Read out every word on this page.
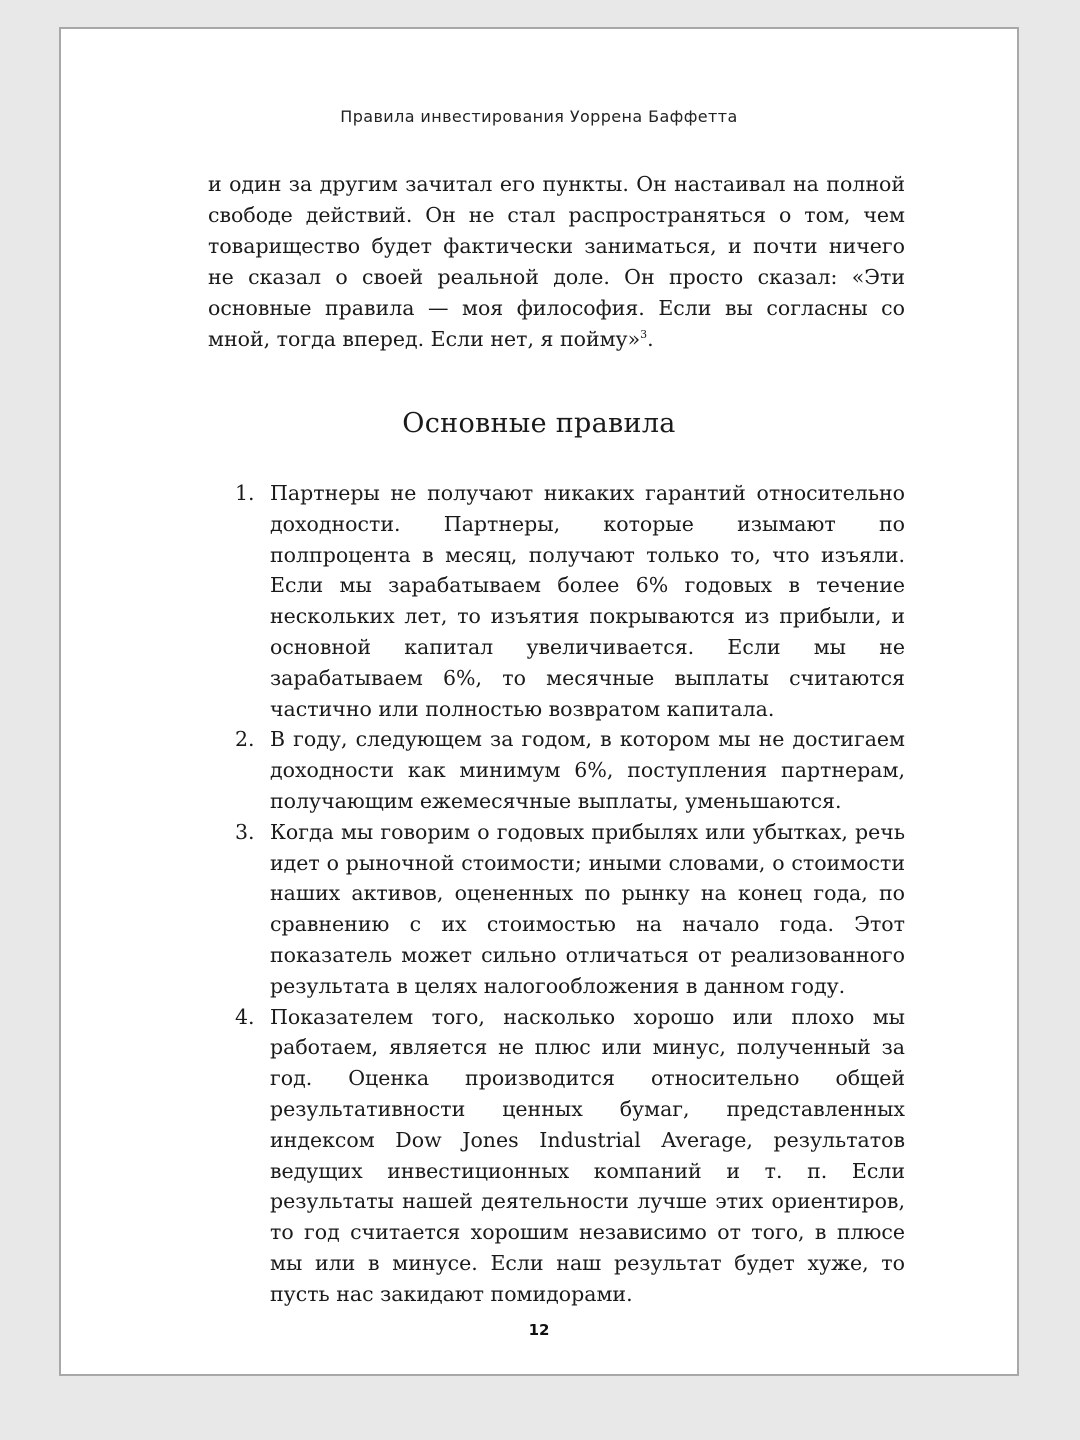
Правила инвестирования Уоррена Баффетта

и один за другим зачитал его пункты. Он настаивал на полной свободе действий. Он не стал распространяться о том, чем товарищество будет фактически заниматься, и почти ничего не сказал о своей реальной доле. Он просто сказал: «Эти основные правила — моя философия. Если вы согласны со мной, тогда вперед. Если нет, я пойму»$^3$.

Основные правила
1. Партнеры не получают никаких гарантий относительно доходности. Партнеры, которые изымают по полпроцента в месяц, получают только то, что изъяли. Если мы зарабатываем более 6% годовых в течение нескольких лет, то изъятия покрываются из прибыли, и основной капитал увеличивается. Если мы не зарабатываем 6%, то месячные выплаты считаются частично или полностью возвратом капитала.
2. В году, следующем за годом, в котором мы не достигаем доходности как минимум 6%, поступления партнерам, получающим ежемесячные выплаты, уменьшаются.
3. Когда мы говорим о годовых прибылях или убытках, речь идет о рыночной стоимости; иными словами, о стоимости наших активов, оцененных по рынку на конец года, по сравнению с их стоимостью на начало года. Этот показатель может сильно отличаться от реализованного результата в целях налогообложения в данном году.
4. Показателем того, насколько хорошо или плохо мы работаем, является не плюс или минус, полученный за год. Оценка производится относительно общей результативности ценных бумаг, представленных индексом Dow Jones Industrial Average, результатов ведущих инвестиционных компаний и т. п. Если результаты нашей деятельности лучше этих ориентиров, то год считается хорошим независимо от того, в плюсе мы или в минусе. Если наш результат будет хуже, то пусть нас закидают помидорами.
12
